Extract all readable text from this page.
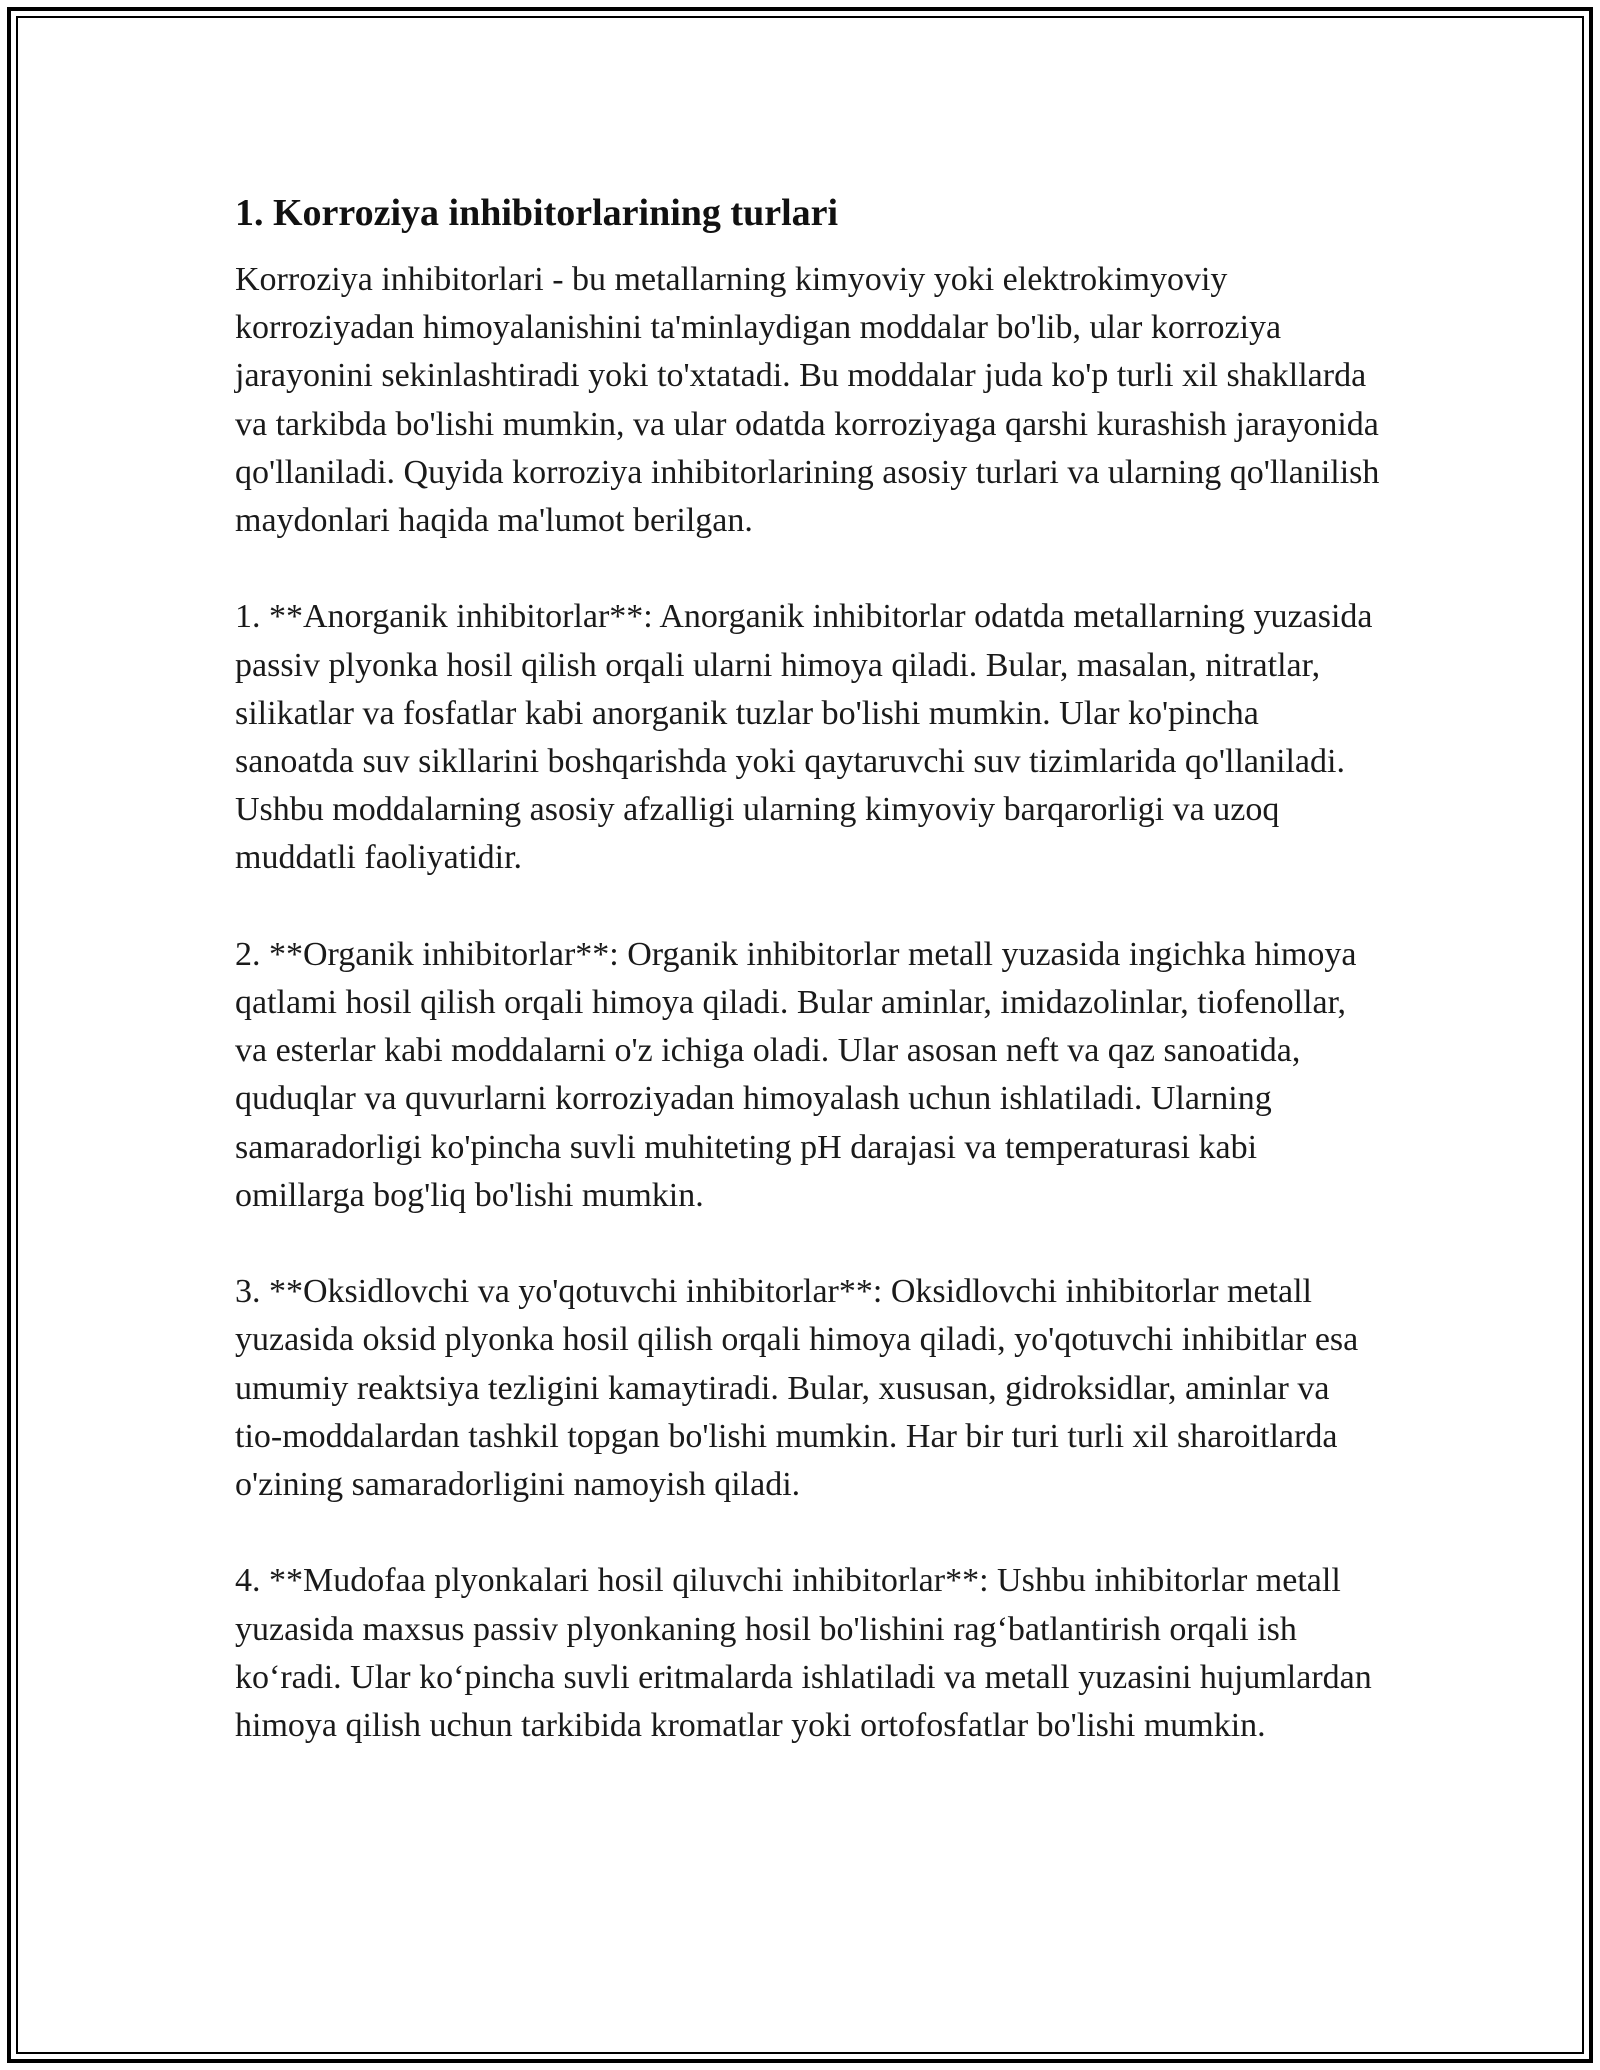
1. Korroziya inhibitorlarining turlari

Korroziya inhibitorlari - bu metallarning kimyoviy yoki elektrokimyoviy korroziyadan himoyalanishini ta'minlaydigan moddalar bo'lib, ular korroziya jarayonini sekinlashtiradi yoki to'xtatadi. Bu moddalar juda ko'p turli xil shakllarda va tarkibda bo'lishi mumkin, va ular odatda korroziyaga qarshi kurashish jarayonida qo'llaniladi. Quyida korroziya inhibitorlarining asosiy turlari va ularning qo'llanilish maydonlari haqida ma'lumot berilgan.

1. **Anorganik inhibitorlar**: Anorganik inhibitorlar odatda metallarning yuzasida passiv plyonka hosil qilish orqali ularni himoya qiladi. Bular, masalan, nitratlar, silikatlar va fosfatlar kabi anorganik tuzlar bo'lishi mumkin. Ular ko'pincha sanoatda suv sikllarini boshqarishda yoki qaytaruvchi suv tizimlarida qo'llaniladi. Ushbu moddalarning asosiy afzalligi ularning kimyoviy barqarorligi va uzoq muddatli faoliyatidir.

2. **Organik inhibitorlar**: Organik inhibitorlar metall yuzasida ingichka himoya qatlami hosil qilish orqali himoya qiladi. Bular aminlar, imidazolinlar, tiofenollar, va esterlar kabi moddalarni o'z ichiga oladi. Ular asosan neft va qaz sanoatida, quduqlar va quvurlarni korroziyadan himoyalash uchun ishlatiladi. Ularning samaradorligi ko'pincha suvli muhiteting pH darajasi va temperaturasi kabi omillarga bog'liq bo'lishi mumkin.

3. **Oksidlovchi va yo'qotuvchi inhibitorlar**: Oksidlovchi inhibitorlar metall yuzasida oksid plyonka hosil qilish orqali himoya qiladi, yo'qotuvchi inhibitlar esa umumiy reaktsiya tezligini kamaytiradi. Bular, xususan, gidroksidlar, aminlar va tio-moddalardan tashkil topgan bo'lishi mumkin. Har bir turi turli xil sharoitlarda o'zining samaradorligini namoyish qiladi.

4. **Mudofaa plyonkalari hosil qiluvchi inhibitorlar**: Ushbu inhibitorlar metall yuzasida maxsus passiv plyonkaning hosil bo'lishini rag‘batlantirish orqali ish ko‘radi. Ular ko‘pincha suvli eritmalarda ishlatiladi va metall yuzasini hujumlardan himoya qilish uchun tarkibida kromatlar yoki ortofosfatlar bo'lishi mumkin.
